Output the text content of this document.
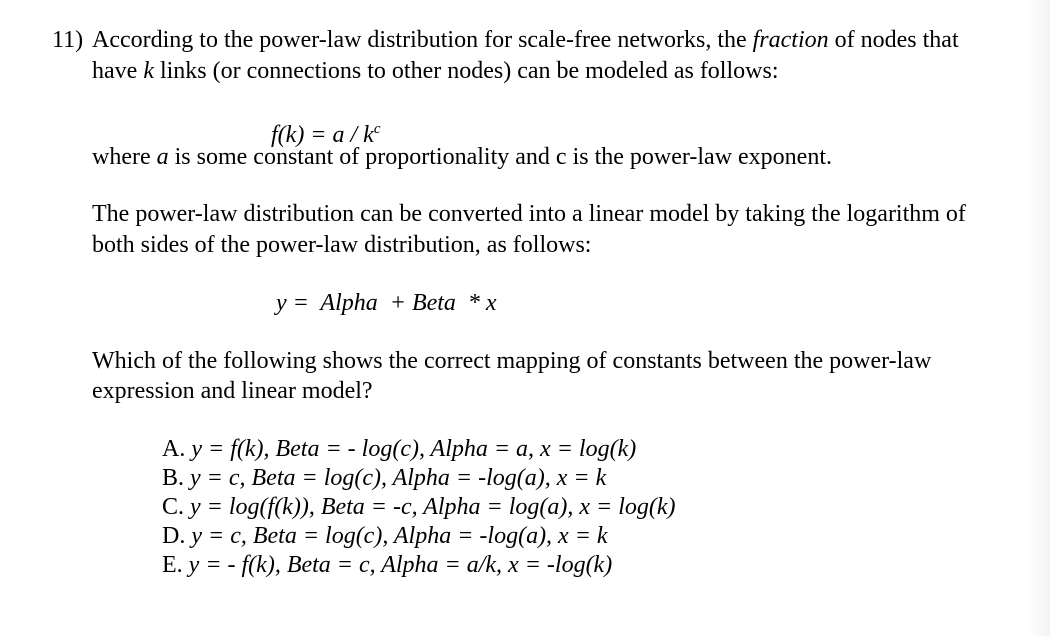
11) According to the power-law distribution for scale-free networks, the fraction of nodes that
have k links (or connections to other nodes) can be modeled as follows:
$f(k) = a / k^c$
where a is some constant of proportionality and c is the power-law exponent.
The power-law distribution can be converted into a linear model by taking the logarithm of
both sides of the power-law distribution, as follows:
y =  Alpha  + Beta  * x
Which of the following shows the correct mapping of constants between the power-law
expression and linear model?
A. y = f(k), Beta = - log(c), Alpha = a, x = log(k)
B. y = c, Beta = log(c), Alpha = -log(a), x = k
C. y = log(f(k)), Beta = -c, Alpha = log(a), x = log(k)
D. y = c, Beta = log(c), Alpha = -log(a), x = k
E. y = - f(k), Beta = c, Alpha = a/k, x = -log(k)
